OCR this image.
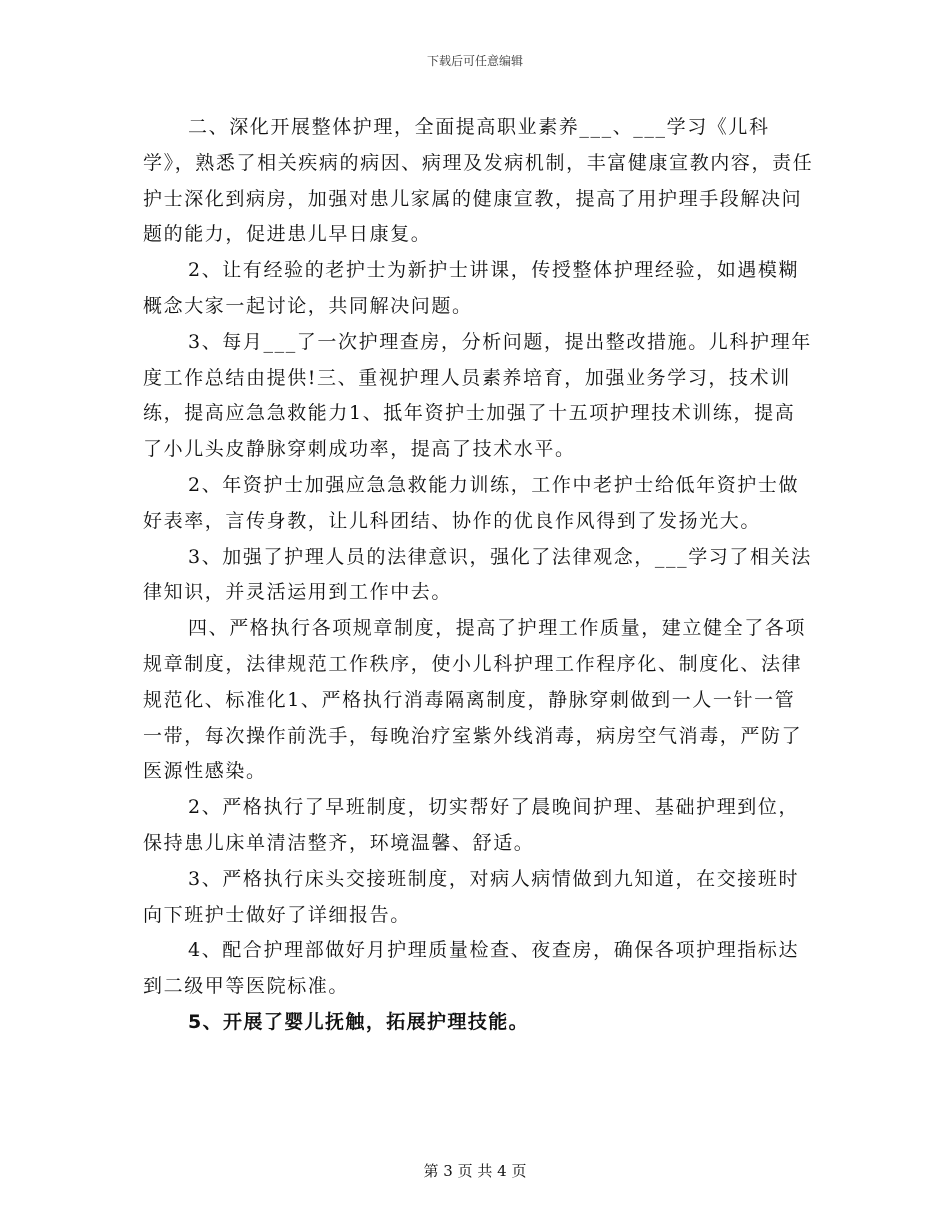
下载后可任意编辑

二、深化开展整体护理，全面提高职业素养___、___学习《儿科学》，熟悉了相关疾病的病因、病理及发病机制，丰富健康宣教内容，责任护士深化到病房，加强对患儿家属的健康宣教，提高了用护理手段解决问题的能力，促进患儿早日康复。

2、让有经验的老护士为新护士讲课，传授整体护理经验，如遇模糊概念大家一起讨论，共同解决问题。

3、每月___了一次护理查房，分析问题，提出整改措施。儿科护理年度工作总结由提供!三、重视护理人员素养培育，加强业务学习，技术训练，提高应急急救能力1、抵年资护士加强了十五项护理技术训练，提高了小儿头皮静脉穿刺成功率，提高了技术水平。

2、年资护士加强应急急救能力训练，工作中老护士给低年资护士做好表率，言传身教，让儿科团结、协作的优良作风得到了发扬光大。

3、加强了护理人员的法律意识，强化了法律观念，___学习了相关法律知识，并灵活运用到工作中去。

四、严格执行各项规章制度，提高了护理工作质量，建立健全了各项规章制度，法律规范工作秩序，使小儿科护理工作程序化、制度化、法律规范化、标准化1、严格执行消毒隔离制度，静脉穿刺做到一人一针一管一带，每次操作前洗手，每晚治疗室紫外线消毒，病房空气消毒，严防了医源性感染。

2、严格执行了早班制度，切实帮好了晨晚间护理、基础护理到位，保持患儿床单清洁整齐，环境温馨、舒适。

3、严格执行床头交接班制度，对病人病情做到九知道，在交接班时向下班护士做好了详细报告。

4、配合护理部做好月护理质量检查、夜查房，确保各项护理指标达到二级甲等医院标准。

5、开展了婴儿抚触，拓展护理技能。

第 3 页 共 4 页
